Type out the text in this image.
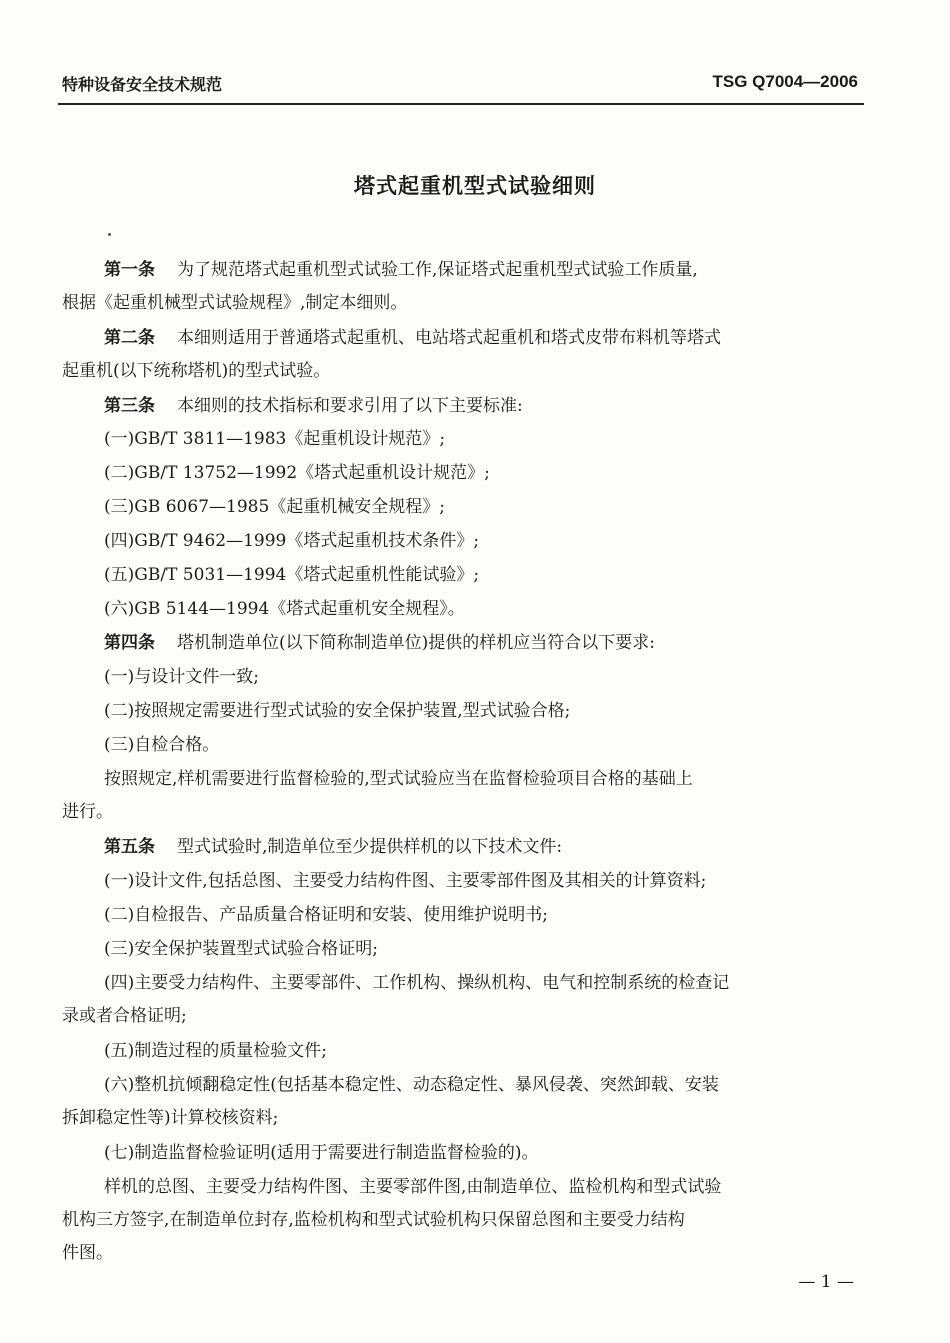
特种设备安全技术规范	TSG Q7004—2006
塔式起重机型式试验细则
第一条 为了规范塔式起重机型式试验工作,保证塔式起重机型式试验工作质量,
根据《起重机械型式试验规程》,制定本细则。
第二条 本细则适用于普通塔式起重机、电站塔式起重机和塔式皮带布料机等塔式
起重机(以下统称塔机)的型式试验。
第三条 本细则的技术指标和要求引用了以下主要标准:
(一)GB/T 3811—1983《起重机设计规范》;
(二)GB/T 13752—1992《塔式起重机设计规范》;
(三)GB 6067—1985《起重机械安全规程》;
(四)GB/T 9462—1999《塔式起重机技术条件》;
(五)GB/T 5031—1994《塔式起重机性能试验》;
(六)GB 5144—1994《塔式起重机安全规程》。
第四条 塔机制造单位(以下简称制造单位)提供的样机应当符合以下要求:
(一)与设计文件一致;
(二)按照规定需要进行型式试验的安全保护装置,型式试验合格;
(三)自检合格。
按照规定,样机需要进行监督检验的,型式试验应当在监督检验项目合格的基础上
进行。
第五条 型式试验时,制造单位至少提供样机的以下技术文件:
(一)设计文件,包括总图、主要受力结构件图、主要零部件图及其相关的计算资料;
(二)自检报告、产品质量合格证明和安装、使用维护说明书;
(三)安全保护装置型式试验合格证明;
(四)主要受力结构件、主要零部件、工作机构、操纵机构、电气和控制系统的检查记
录或者合格证明;
(五)制造过程的质量检验文件;
(六)整机抗倾翻稳定性(包括基本稳定性、动态稳定性、暴风侵袭、突然卸载、安装
拆卸稳定性等)计算校核资料;
(七)制造监督检验证明(适用于需要进行制造监督检验的)。
样机的总图、主要受力结构件图、主要零部件图,由制造单位、监检机构和型式试验
机构三方签字,在制造单位封存,监检机构和型式试验机构只保留总图和主要受力结构
件图。
— 1 —
